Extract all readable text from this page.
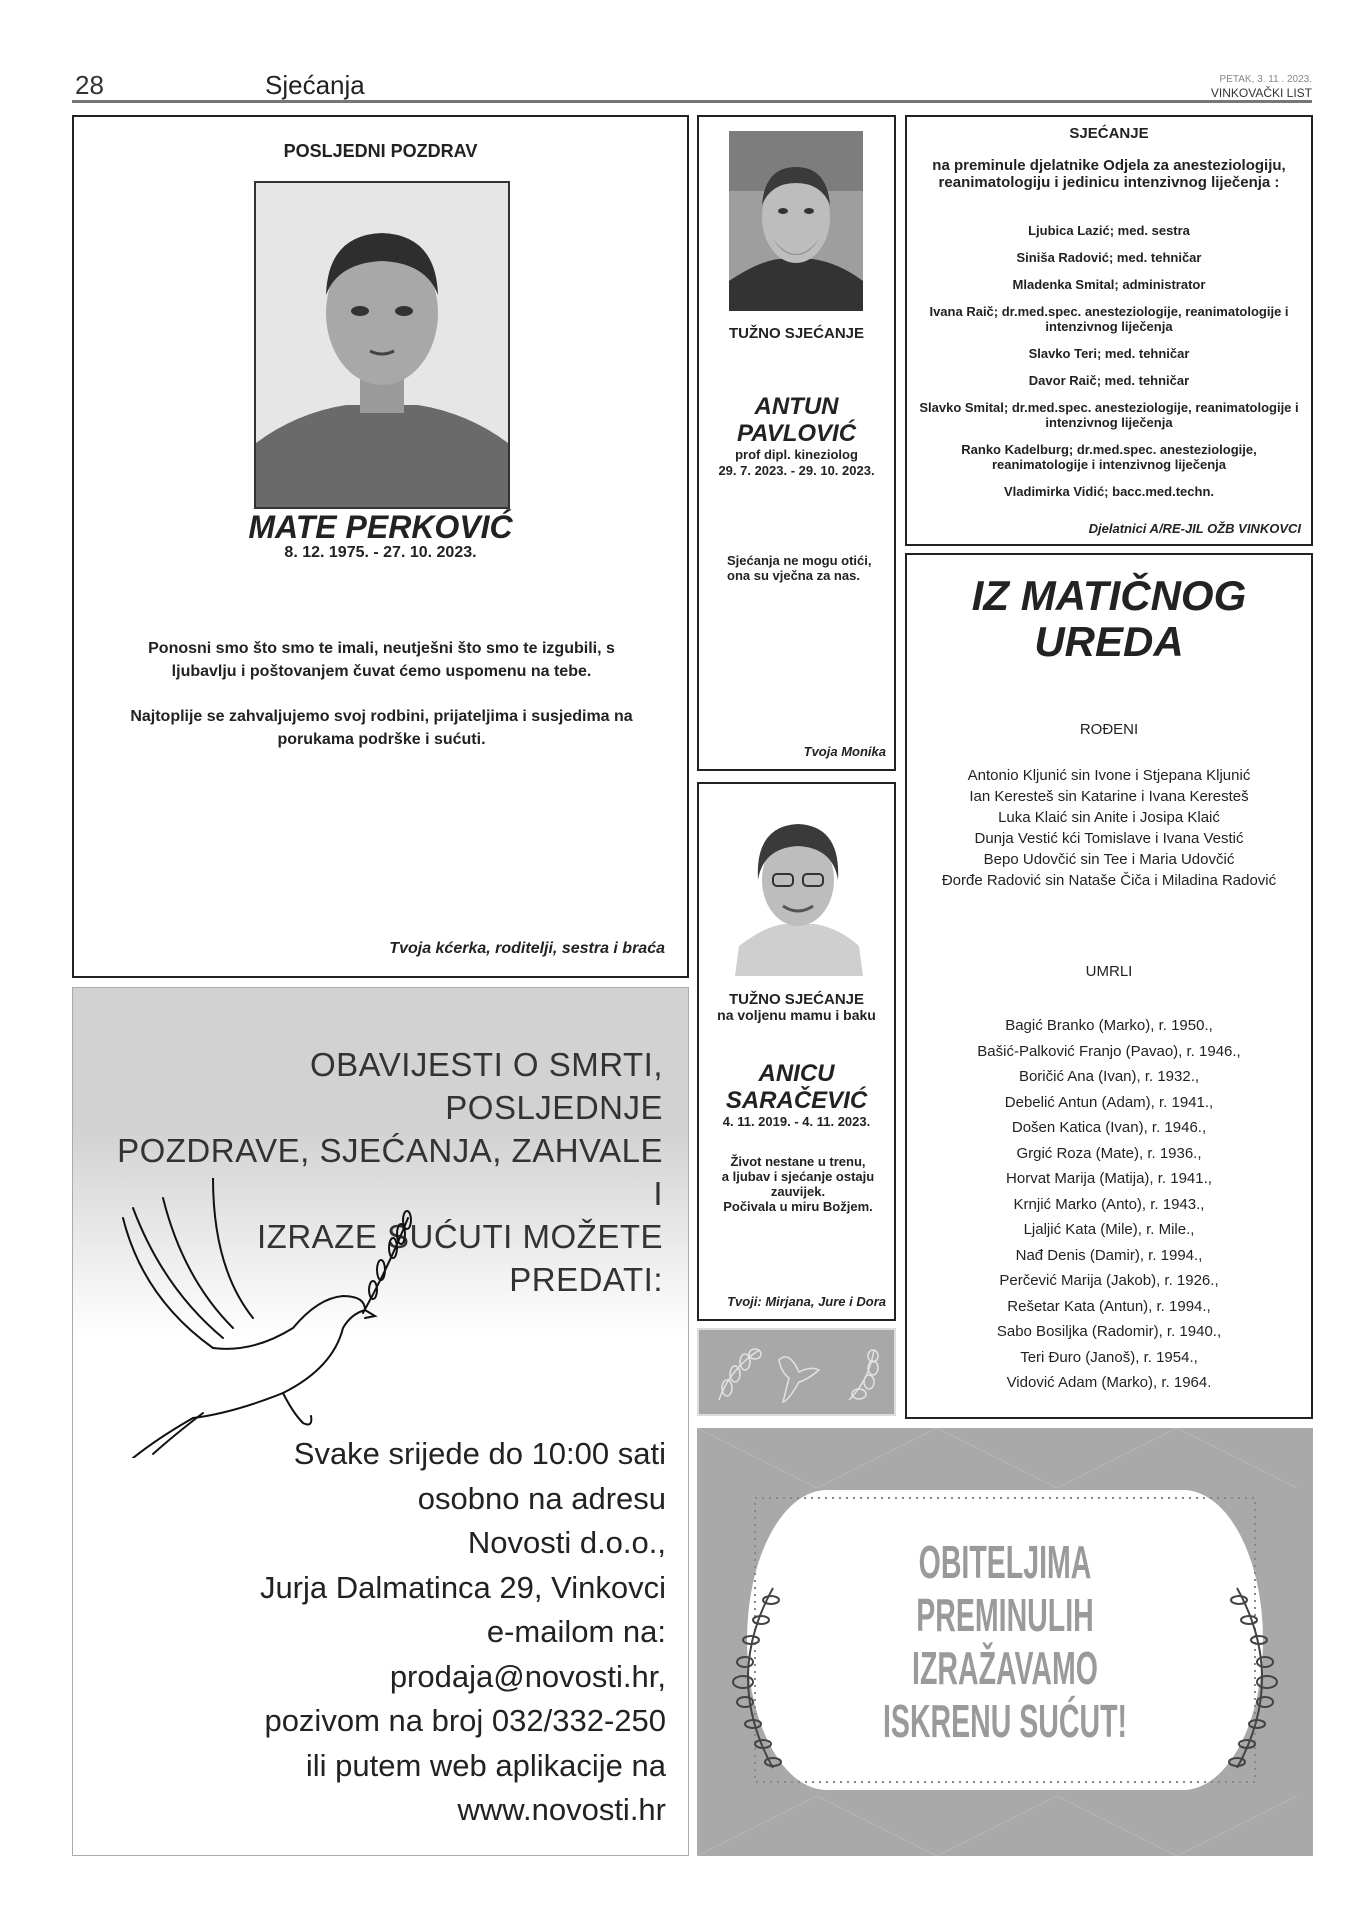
28	Sjećanja	PETAK, 3. 11 . 2023.
VINKOVAČKI LIST
POSLJEDNI POZDRAV
MATE PERKOVIĆ
8. 12. 1975. - 27. 10. 2023.

Ponosni smo što smo te imali, neutješni što smo te izgubili, s ljubavlju i poštovanjem čuvat ćemo uspomenu na tebe.

Najtoplije se zahvaljujemo svoj rodbini, prijateljima i susjedima na porukama podrške i sućuti.

Tvoja kćerka, roditelji, sestra i braća
TUŽNO SJEĆANJE
ANTUN
PAVLOVIĆ
prof dipl. kineziolog
29. 7. 2023. - 29. 10. 2023.
Sjećanja ne mogu otići, ona su vječna za nas.
Tvoja Monika
SJEĆANJE
na preminule djelatnike Odjela za anesteziologiju, reanimatologiju i jedinicu intenzivnog liječenja :
Ljubica Lazić; med. sestra
Siniša Radović; med. tehničar
Mladenka Smital; administrator
Ivana Raič; dr.med.spec. anesteziologije, reanimatologije i intenzivnog liječenja
Slavko Teri; med. tehničar
Davor Raič; med. tehničar
Slavko Smital; dr.med.spec. anesteziologije, reanimatologije i intenzivnog liječenja
Ranko Kadelburg; dr.med.spec. anesteziologije, reanimatologije i intenzivnog liječenja
Vladimirka Vidić; bacc.med.techn.
Djelatnici A/RE-JIL OŽB VINKOVCI
IZ MATIČNOG
UREDA
ROĐENI
Antonio Kljunić sin Ivone i Stjepana Kljunić
Ian Keresteš sin Katarine i Ivana Keresteš
Luka Klaić sin Anite i Josipa Klaić
Dunja Vestić kći Tomislave i Ivana Vestić
Bepo Udovčić sin Tee i Maria Udovčić
Đorđe Radović sin Nataše Čiča i Miladina Radović
UMRLI
Bagić Branko (Marko), r. 1950.,
Bašić-Palković Franjo (Pavao), r. 1946.,
Boričić Ana (Ivan), r. 1932.,
Debelić Antun (Adam), r. 1941.,
Došen Katica (Ivan), r. 1946.,
Grgić Roza (Mate), r. 1936.,
Horvat Marija (Matija), r. 1941.,
Krnjić Marko (Anto), r. 1943.,
Ljaljić Kata (Mile), r. Mile.,
Nađ Denis (Damir), r. 1994.,
Perčević Marija (Jakob), r. 1926.,
Rešetar Kata (Antun), r. 1994.,
Sabo Bosiljka (Radomir), r. 1940.,
Teri Đuro (Janoš), r. 1954.,
Vidović Adam (Marko), r. 1964.
TUŽNO SJEĆANJE
na voljenu mamu i baku
ANICU
SARAČEVIĆ
4. 11. 2019. - 4. 11. 2023.
Život nestane u trenu,
a ljubav i sjećanje ostaju
zauvijek.
Počivala u miru Božjem.
Tvoji: Mirjana, Jure i Dora
OBAVIJESTI O SMRTI, POSLJEDNJE
POZDRAVE, SJEĆANJA, ZAHVALE I
IZRAZE SUĆUTI MOŽETE PREDATI:
Svake srijede do 10:00 sati
osobno na adresu
Novosti d.o.o.,
Jurja Dalmatinca 29, Vinkovci
e-mailom na:
prodaja@novosti.hr,
pozivom na broj 032/332-250
ili putem web aplikacije na
www.novosti.hr
OBITELJIMA
PREMINULIH
IZRAŽAVAMO
ISKRENU SUĆUT!
